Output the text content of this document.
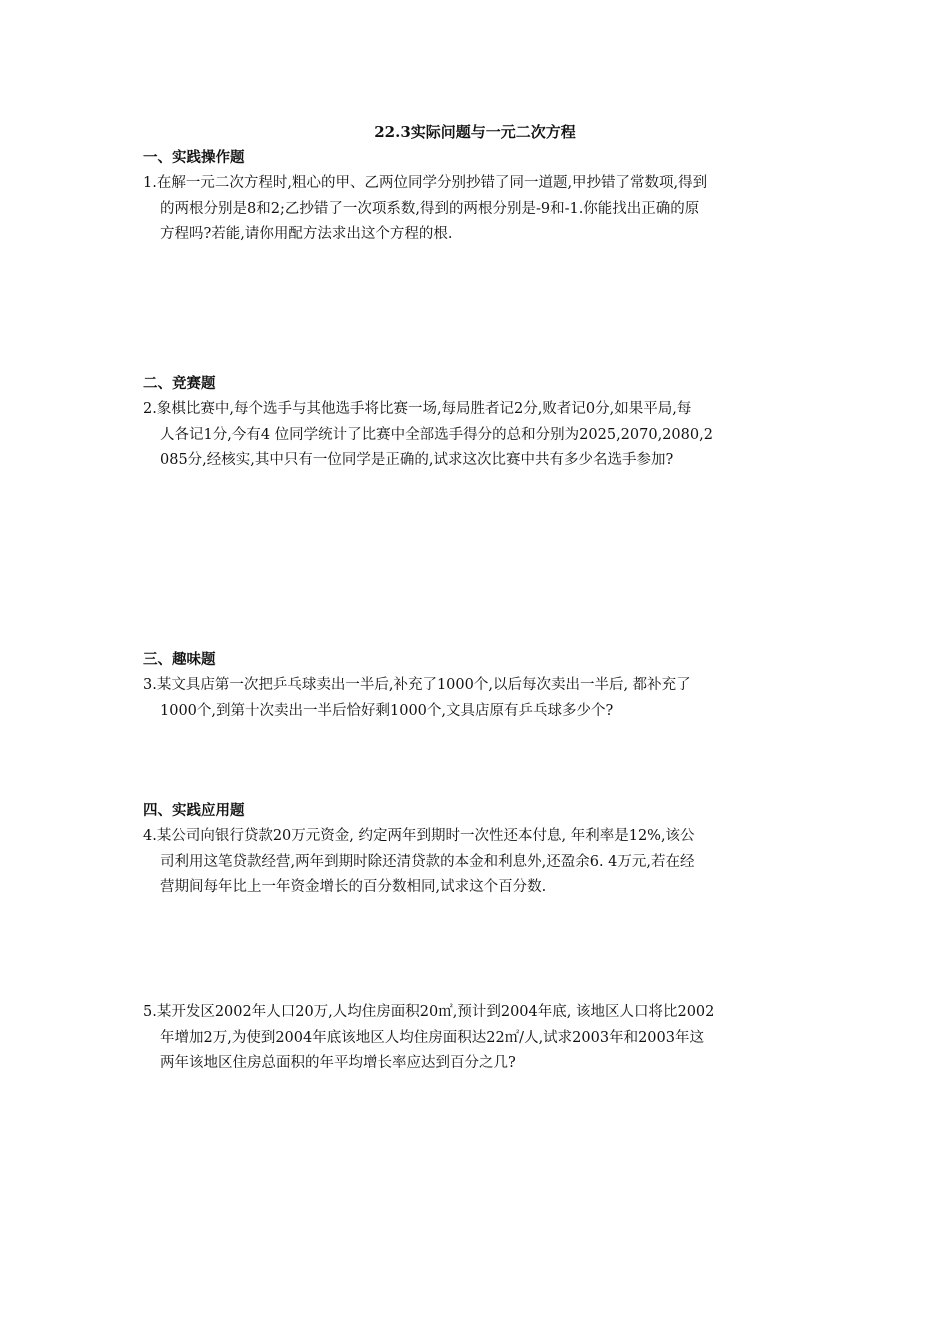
22.3实际问题与一元二次方程
一、实践操作题
1.在解一元二次方程时,粗心的甲、乙两位同学分别抄错了同一道题,甲抄错了常数项,得到
的两根分别是8和2;乙抄错了一次项系数,得到的两根分别是-9和-1.你能找出正确的原
方程吗?若能,请你用配方法求出这个方程的根.
二、竞赛题
2.象棋比赛中,每个选手与其他选手将比赛一场,每局胜者记2分,败者记0分,如果平局,每
人各记1分,今有4 位同学统计了比赛中全部选手得分的总和分别为2025,2070,2080,2
085分,经核实,其中只有一位同学是正确的,试求这次比赛中共有多少名选手参加?
三、趣味题
3.某文具店第一次把乒乓球卖出一半后,补充了1000个,以后每次卖出一半后, 都补充了
1000个,到第十次卖出一半后恰好剩1000个,文具店原有乒乓球多少个?
四、实践应用题
4.某公司向银行贷款20万元资金, 约定两年到期时一次性还本付息, 年利率是12%,该公
司利用这笔贷款经营,两年到期时除还清贷款的本金和利息外,还盈余6. 4万元,若在经
营期间每年比上一年资金增长的百分数相同,试求这个百分数.
5.某开发区2002年人口20万,人均住房面积20㎡,预计到2004年底, 该地区人口将比2002
年增加2万,为使到2004年底该地区人均住房面积达22㎡/人,试求2003年和2003年这
两年该地区住房总面积的年平均增长率应达到百分之几?
